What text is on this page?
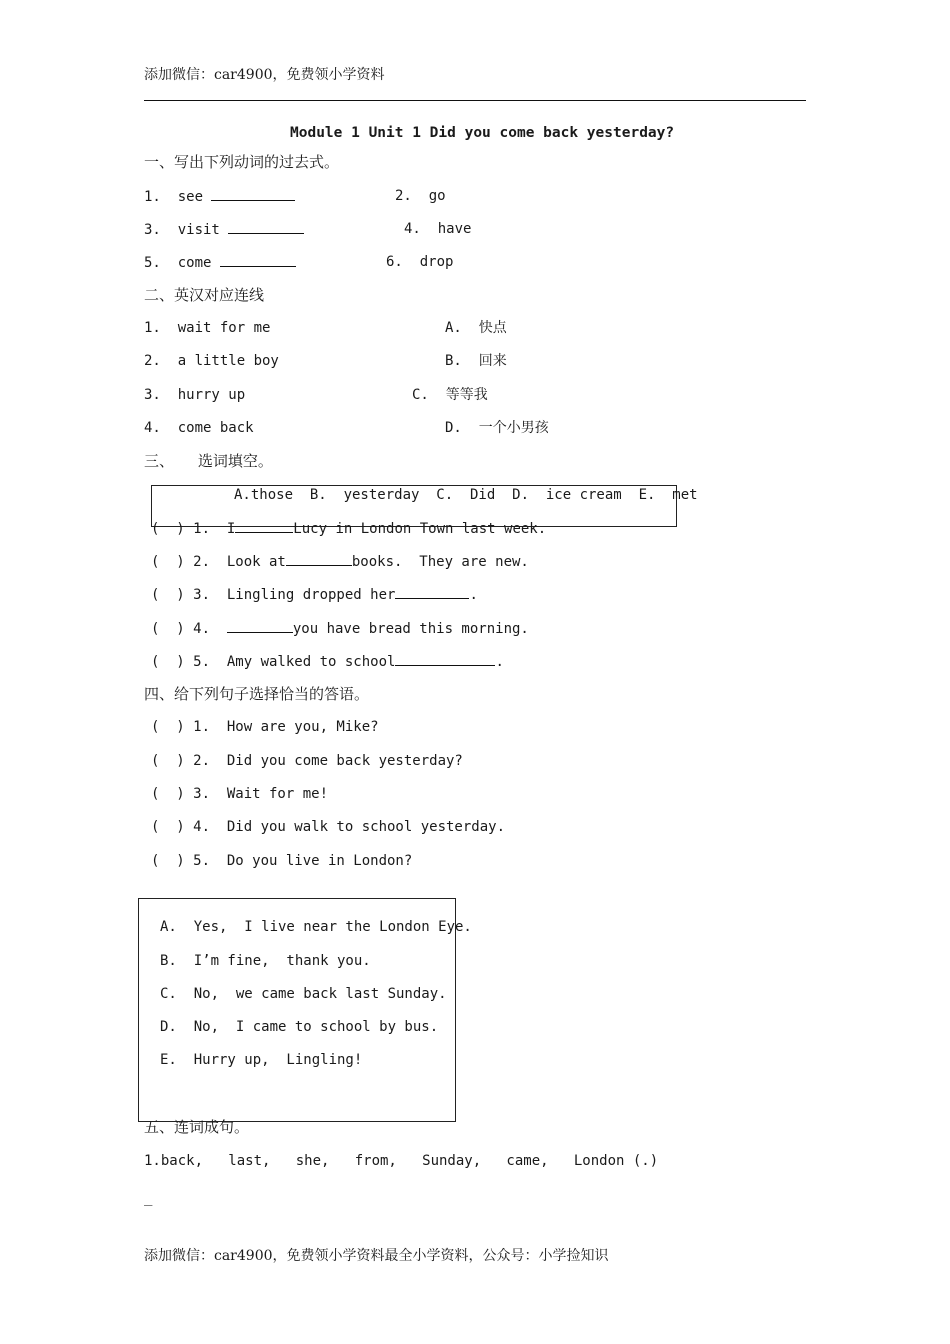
添加微信：car4900，免费领小学资料
Module 1 Unit 1 Did you come back yesterday?
一、写出下列动词的过去式。
1. see	2. go
3. visit	4. have
5. come	6. drop
二、英汉对应连线
1.  wait for me	A.  快点
2.  a little boy	B.  回来
3.  hurry up	C.  等等我
4.  come back	D.  一个小男孩
三、     选词填空。
A.those  B.  yesterday  C.  Did  D.  ice cream  E.  met
(  ) 1.  I	Lucy in London Town last week.
(  ) 2.  Look at	books.  They are new.
(  ) 3.  Lingling dropped her	.
(  ) 4.	you have bread this morning.
(  ) 5.  Amy walked to school	.
四、给下列句子选择恰当的答语。
(  ) 1.  How are you, Mike?
(  ) 2.  Did you come back yesterday?
(  ) 3.  Wait for me!
(  ) 4.  Did you walk to school yesterday.
(  ) 5.  Do you live in London?
A.  Yes,  I live near the London Eye.
B.  I’m fine,  thank you.
C.  No,  we came back last Sunday.
D.  No,  I came to school by bus.
E.  Hurry up,  Lingling!
五、连词成句。
1.back,   last,   she,   from,   Sunday,   came,   London (.)
_
添加微信：car4900，免费领小学资料最全小学资料，公众号：小学捡知识
